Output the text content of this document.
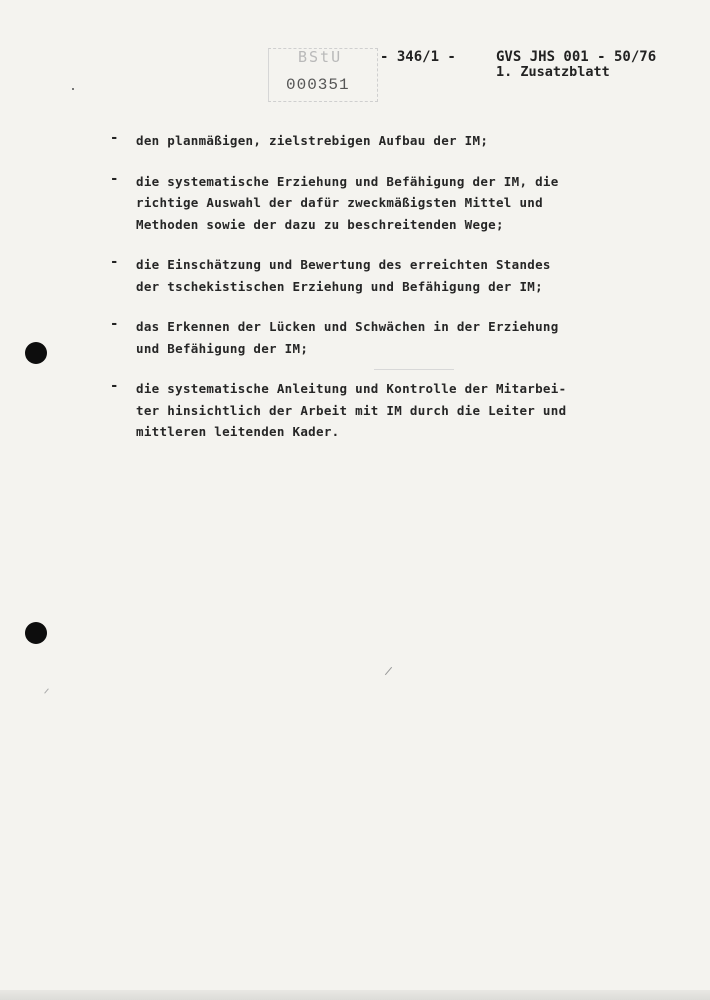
BStU
000351
- 346/1 -	GVS JHS 001 - 50/76
1. Zusatzblatt
-	den planmäßigen, zielstrebigen Aufbau der IM;
-	die systematische Erziehung und Befähigung der IM, die
richtige Auswahl der dafür zweckmäßigsten Mittel und
Methoden sowie der dazu zu beschreitenden Wege;
-	die Einschätzung und Bewertung des erreichten Standes
der tschekistischen Erziehung und Befähigung der IM;
-	das Erkennen der Lücken und Schwächen in der Erziehung
und Befähigung der IM;
-	die systematische Anleitung und Kontrolle der Mitarbei-
ter hinsichtlich der Arbeit mit IM durch die Leiter und
mittleren leitenden Kader.
